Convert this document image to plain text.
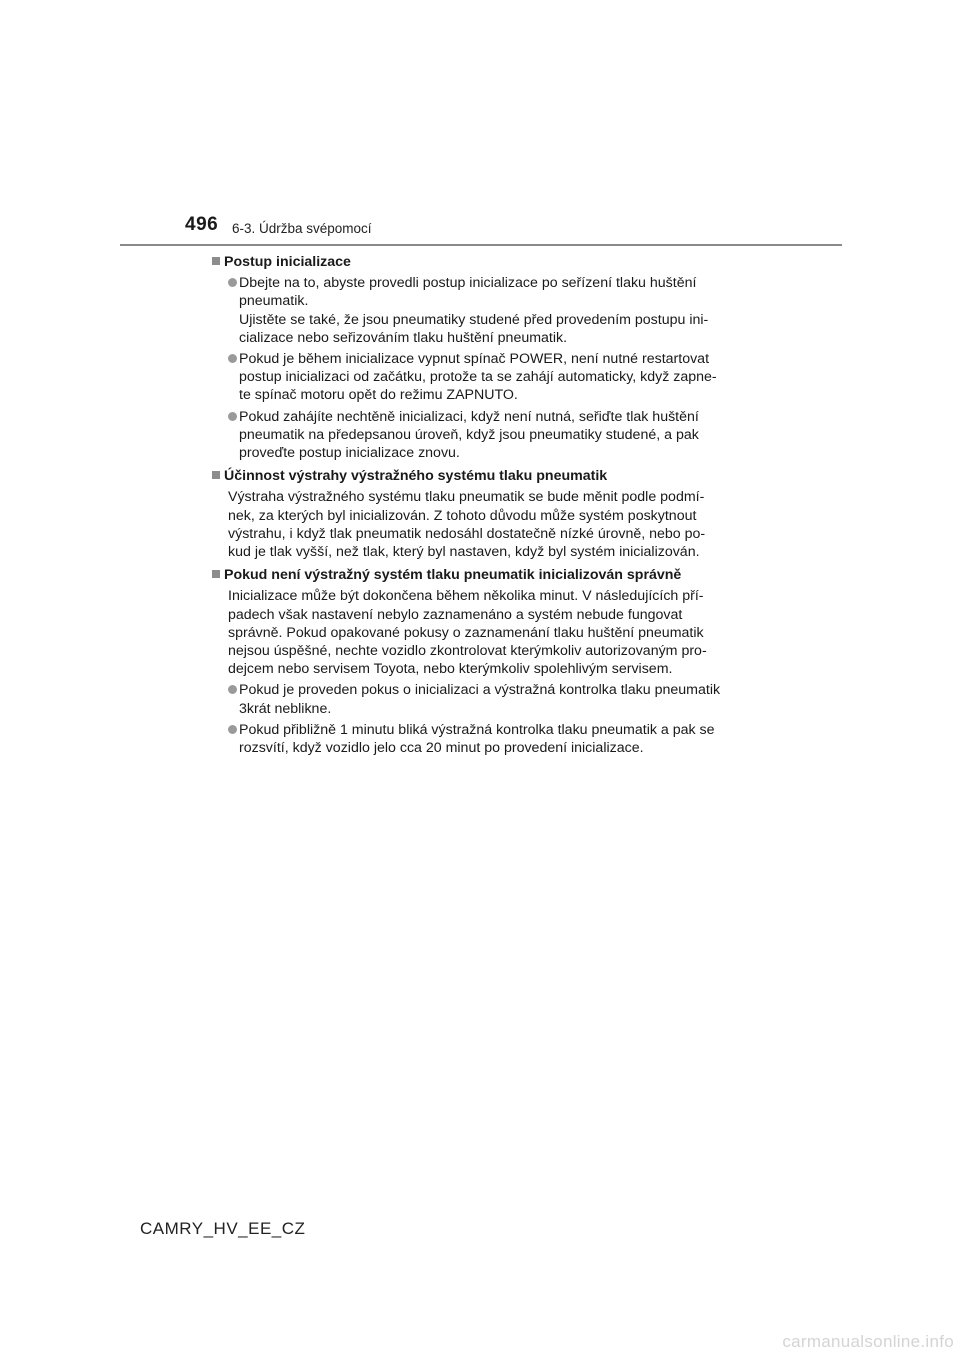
496 6-3. Údržba svépomocí
Postup inicializace
Dbejte na to, abyste provedli postup inicializace po seřízení tlaku huštění
pneumatik.
Ujistěte se také, že jsou pneumatiky studené před provedením postupu ini-
cializace nebo seřizováním tlaku huštění pneumatik.
Pokud je během inicializace vypnut spínač POWER, není nutné restartovat
postup inicializaci od začátku, protože ta se zahájí automaticky, když zapne-
te spínač motoru opět do režimu ZAPNUTO.
Pokud zahájíte nechtěně inicializaci, když není nutná, seřiďte tlak huštění
pneumatik na předepsanou úroveň, když jsou pneumatiky studené, a pak
proveďte postup inicializace znovu.
Účinnost výstrahy výstražného systému tlaku pneumatik
Výstraha výstražného systému tlaku pneumatik se bude měnit podle podmí-
nek, za kterých byl inicializován. Z tohoto důvodu může systém poskytnout
výstrahu, i když tlak pneumatik nedosáhl dostatečně nízké úrovně, nebo po-
kud je tlak vyšší, než tlak, který byl nastaven, když byl systém inicializován.
Pokud není výstražný systém tlaku pneumatik inicializován správně
Inicializace může být dokončena během několika minut. V následujících pří-
padech však nastavení nebylo zaznamenáno a systém nebude fungovat
správně. Pokud opakované pokusy o zaznamenání tlaku huštění pneumatik
nejsou úspěšné, nechte vozidlo zkontrolovat kterýmkoliv autorizovaným pro-
dejcem nebo servisem Toyota, nebo kterýmkoliv spolehlivým servisem.
Pokud je proveden pokus o inicializaci a výstražná kontrolka tlaku pneumatik
3krát neblikne.
Pokud přibližně 1 minutu bliká výstražná kontrolka tlaku pneumatik a pak se
rozsvítí, když vozidlo jelo cca 20 minut po provedení inicializace.
CAMRY_HV_EE_CZ
carmanualsonline.info
